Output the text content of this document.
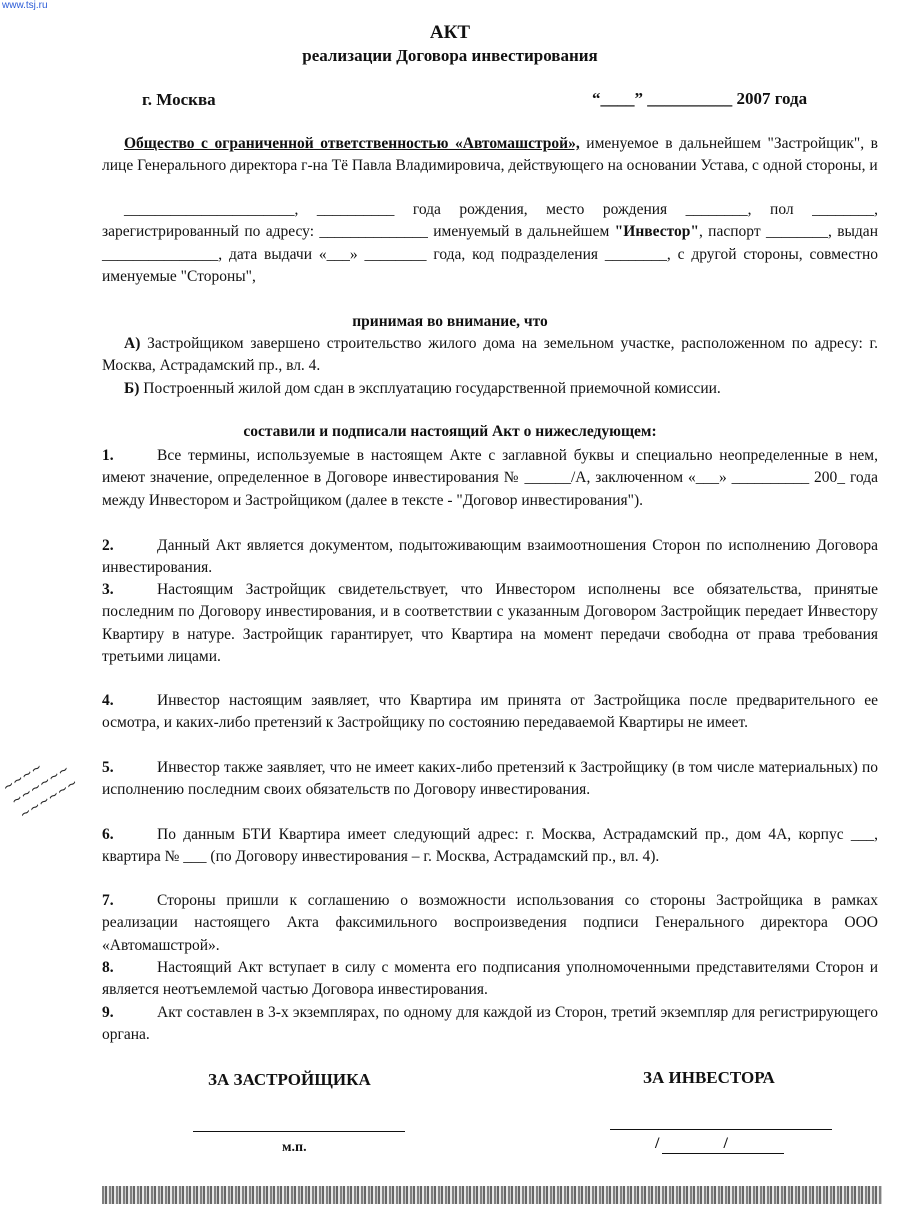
www.tsj.ru
АКТ
реализации Договора инвестирования
г. Москва	“____” __________ 2007 года
Общество с ограниченной ответственностью «Автомашстрой», именуемое в дальнейшем "Застройщик", в лице Генерального директора г-на Тё Павла Владимировича, действующего на основании Устава, с одной стороны, и
______________________, __________ года рождения, место рождения ________, пол ________, зарегистрированный по адресу: ______________ именуемый в дальнейшем "Инвестор", паспорт ________, выдан _______________, дата выдачи «___» ________ года, код подразделения ________, с другой стороны, совместно именуемые "Стороны",
принимая во внимание, что
А) Застройщиком завершено строительство жилого дома на земельном участке, расположенном по адресу: г. Москва, Астрадамский пр., вл. 4.
Б) Построенный жилой дом сдан в эксплуатацию государственной приемочной комиссии.
составили и подписали настоящий Акт о нижеследующем:
1.	Все термины, используемые в настоящем Акте с заглавной буквы и специально неопределенные в нем, имеют значение, определенное в Договоре инвестирования № ______/А, заключенном «___» __________ 200_ года между Инвестором и Застройщиком (далее в тексте - "Договор инвестирования").
2.	Данный Акт является документом, подытоживающим взаимоотношения Сторон по исполнению Договора инвестирования.
3.	Настоящим Застройщик свидетельствует, что Инвестором исполнены все обязательства, принятые последним по Договору инвестирования, и в соответствии с указанным Договором Застройщик передает Инвестору Квартиру в натуре. Застройщик гарантирует, что Квартира на момент передачи свободна от права требования третьими лицами.
4.	Инвестор настоящим заявляет, что Квартира им принята от Застройщика после предварительного ее осмотра, и каких-либо претензий к Застройщику по состоянию передаваемой Квартиры не имеет.
5.	Инвестор также заявляет, что не имеет каких-либо претензий к Застройщику (в том числе материальных) по исполнению последним своих обязательств по Договору инвестирования.
6.	По данным БТИ Квартира имеет следующий адрес: г. Москва, Астрадамский пр., дом 4А, корпус ___, квартира № ___ (по Договору инвестирования – г. Москва, Астрадамский пр., вл. 4).
7.	Стороны пришли к соглашению о возможности использования со стороны Застройщика в рамках реализации настоящего Акта факсимильного воспроизведения подписи Генерального директора ООО «Автомашстрой».
8.	Настоящий Акт вступает в силу с момента его подписания уполномоченными представителями Сторон и является неотъемлемой частью Договора инвестирования.
9.	Акт составлен в 3-х экземплярах, по одному для каждой из Сторон, третий экземпляр для регистрирующего органа.
~~~~
~~~~~~
~~~~~~
ЗА ЗАСТРОЙЩИКА	ЗА ИНВЕСТОРА
м.п.	/                /
